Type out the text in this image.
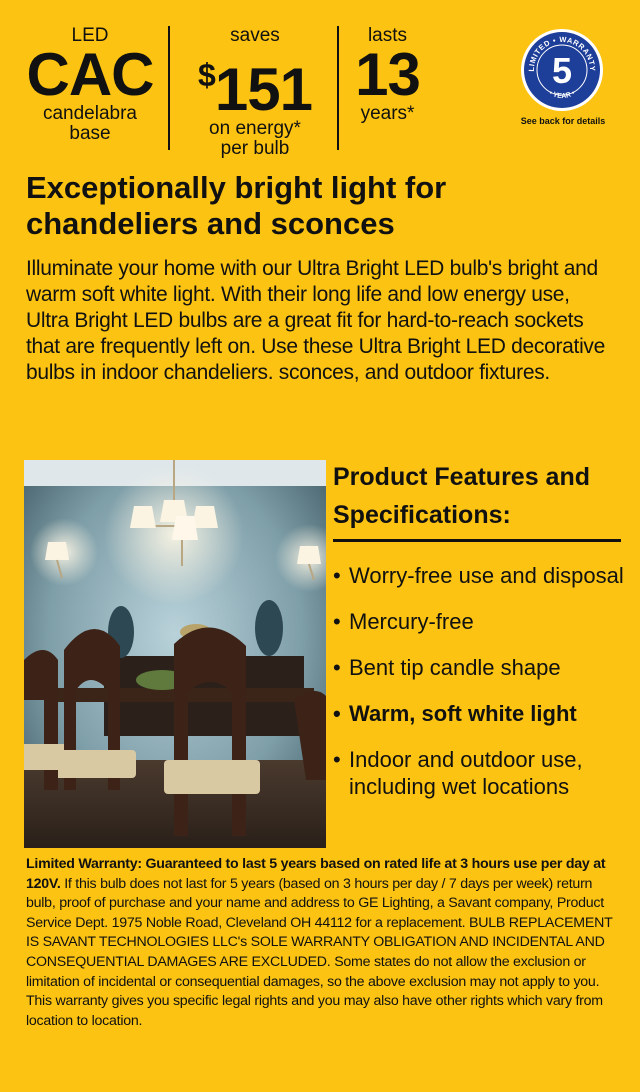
LED
CAC
candelabra
base
saves
$151
on energy*
per bulb
lasts
13
years*
LIMITED • WARRANTY
• YEAR •
5
See back for details
Exceptionally bright light for chandeliers and sconces
Illuminate your home with our Ultra Bright LED bulb's bright and warm soft white light. With their long life and low energy use, Ultra Bright LED bulbs are a great fit for hard-to-reach sockets that are frequently left on. Use these Ultra Bright LED decorative bulbs in indoor chandeliers. sconces, and outdoor fixtures.
Product Features and Specifications:
• Worry-free use and disposal
• Mercury-free
• Bent tip candle shape
• Warm, soft white light
• Indoor and outdoor use, including wet locations
Limited Warranty: Guaranteed to last 5 years based on rated life at 3 hours use per day at 120V. If this bulb does not last for 5 years (based on 3 hours per day / 7 days per week) return bulb, proof of purchase and your name and address to GE Lighting, a Savant company, Product Service Dept. 1975 Noble Road, Cleveland OH 44112 for a replacement. BULB REPLACEMENT IS SAVANT TECHNOLOGIES LLC's SOLE WARRANTY OBLIGATION AND INCIDENTAL AND CONSEQUENTIAL DAMAGES ARE EXCLUDED. Some states do not allow the exclusion or limitation of incidental or consequential damages, so the above exclusion may not apply to you. This warranty gives you specific legal rights and you may also have other rights which vary from location to location.
